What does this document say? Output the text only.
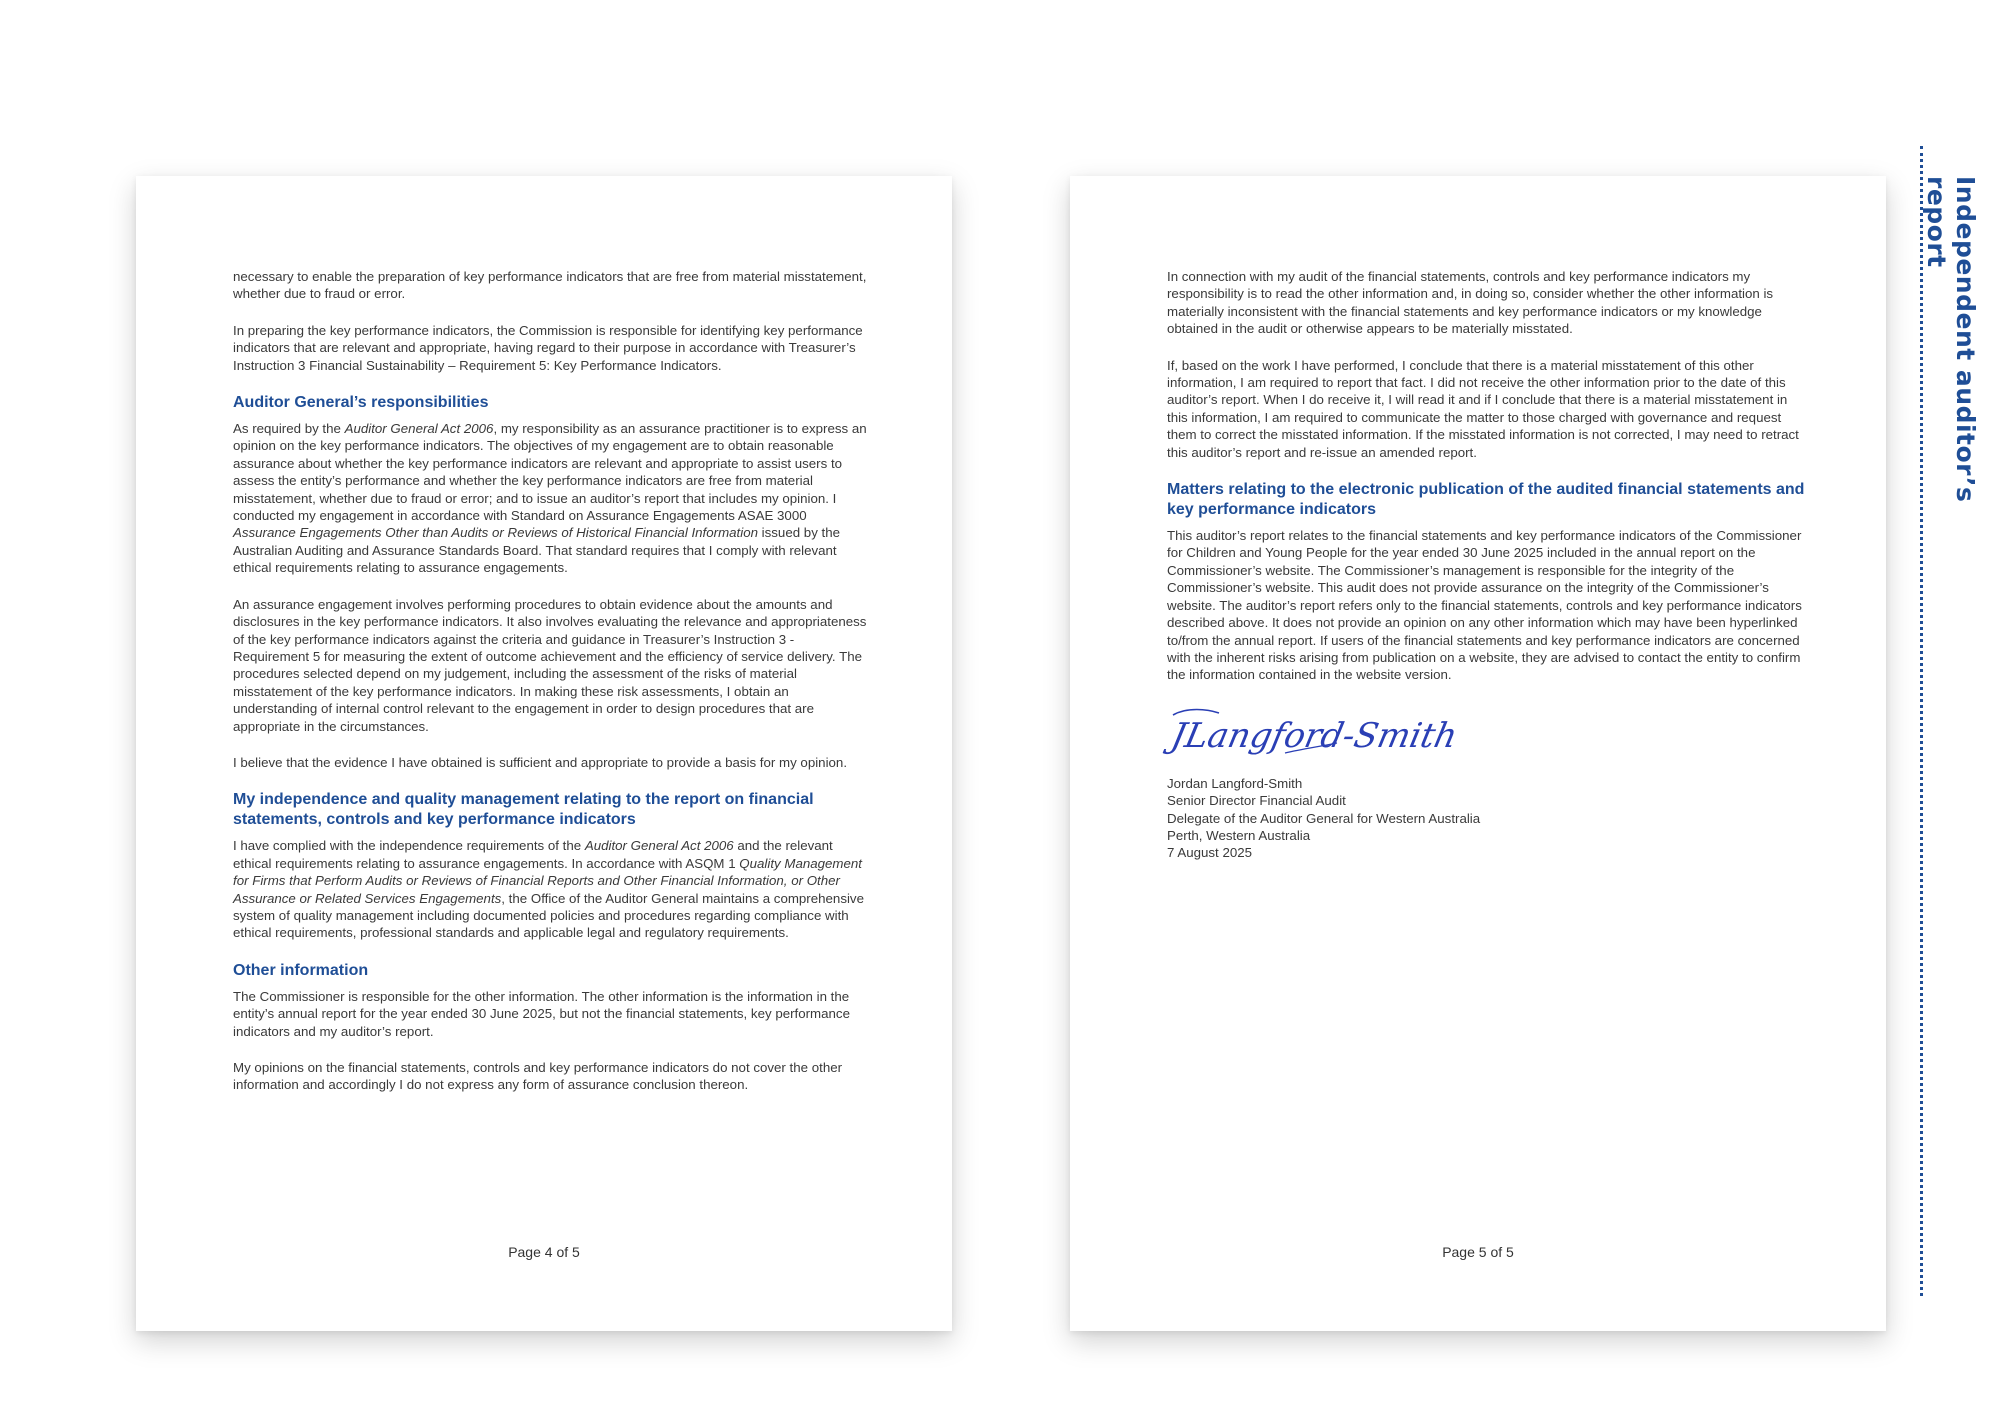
Independent auditor’s report

necessary to enable the preparation of key performance indicators that are free from material misstatement, whether due to fraud or error.

In preparing the key performance indicators, the Commission is responsible for identifying key performance indicators that are relevant and appropriate, having regard to their purpose in accordance with Treasurer’s Instruction 3 Financial Sustainability – Requirement 5: Key Performance Indicators.

Auditor General’s responsibilities

As required by the Auditor General Act 2006, my responsibility as an assurance practitioner is to express an opinion on the key performance indicators. The objectives of my engagement are to obtain reasonable assurance about whether the key performance indicators are relevant and appropriate to assist users to assess the entity’s performance and whether the key performance indicators are free from material misstatement, whether due to fraud or error; and to issue an auditor’s report that includes my opinion. I conducted my engagement in accordance with Standard on Assurance Engagements ASAE 3000 Assurance Engagements Other than Audits or Reviews of Historical Financial Information issued by the Australian Auditing and Assurance Standards Board. That standard requires that I comply with relevant ethical requirements relating to assurance engagements.

An assurance engagement involves performing procedures to obtain evidence about the amounts and disclosures in the key performance indicators. It also involves evaluating the relevance and appropriateness of the key performance indicators against the criteria and guidance in Treasurer’s Instruction 3 - Requirement 5 for measuring the extent of outcome achievement and the efficiency of service delivery. The procedures selected depend on my judgement, including the assessment of the risks of material misstatement of the key performance indicators. In making these risk assessments, I obtain an understanding of internal control relevant to the engagement in order to design procedures that are appropriate in the circumstances.

I believe that the evidence I have obtained is sufficient and appropriate to provide a basis for my opinion.

My independence and quality management relating to the report on financial statements, controls and key performance indicators

I have complied with the independence requirements of the Auditor General Act 2006 and the relevant ethical requirements relating to assurance engagements. In accordance with ASQM 1 Quality Management for Firms that Perform Audits or Reviews of Financial Reports and Other Financial Information, or Other Assurance or Related Services Engagements, the Office of the Auditor General maintains a comprehensive system of quality management including documented policies and procedures regarding compliance with ethical requirements, professional standards and applicable legal and regulatory requirements.

Other information

The Commissioner is responsible for the other information. The other information is the information in the entity’s annual report for the year ended 30 June 2025, but not the financial statements, key performance indicators and my auditor’s report.

My opinions on the financial statements, controls and key performance indicators do not cover the other information and accordingly I do not express any form of assurance conclusion thereon.

Page 4 of 5

In connection with my audit of the financial statements, controls and key performance indicators my responsibility is to read the other information and, in doing so, consider whether the other information is materially inconsistent with the financial statements and key performance indicators or my knowledge obtained in the audit or otherwise appears to be materially misstated.

If, based on the work I have performed, I conclude that there is a material misstatement of this other information, I am required to report that fact. I did not receive the other information prior to the date of this auditor’s report. When I do receive it, I will read it and if I conclude that there is a material misstatement in this information, I am required to communicate the matter to those charged with governance and request them to correct the misstated information. If the misstated information is not corrected, I may need to retract this auditor’s report and re-issue an amended report.

Matters relating to the electronic publication of the audited financial statements and key performance indicators

This auditor’s report relates to the financial statements and key performance indicators of the Commissioner for Children and Young People for the year ended 30 June 2025 included in the annual report on the Commissioner’s website. The Commissioner’s management is responsible for the integrity of the Commissioner’s website. This audit does not provide assurance on the integrity of the Commissioner’s website. The auditor’s report refers only to the financial statements, controls and key performance indicators described above. It does not provide an opinion on any other information which may have been hyperlinked to/from the annual report. If users of the financial statements and key performance indicators are concerned with the inherent risks arising from publication on a website, they are advised to contact the entity to confirm the information contained in the website version.

JLangford-Smith
Jordan Langford-Smith
Senior Director Financial Audit
Delegate of the Auditor General for Western Australia
Perth, Western Australia
7 August 2025
Page 5 of 5
